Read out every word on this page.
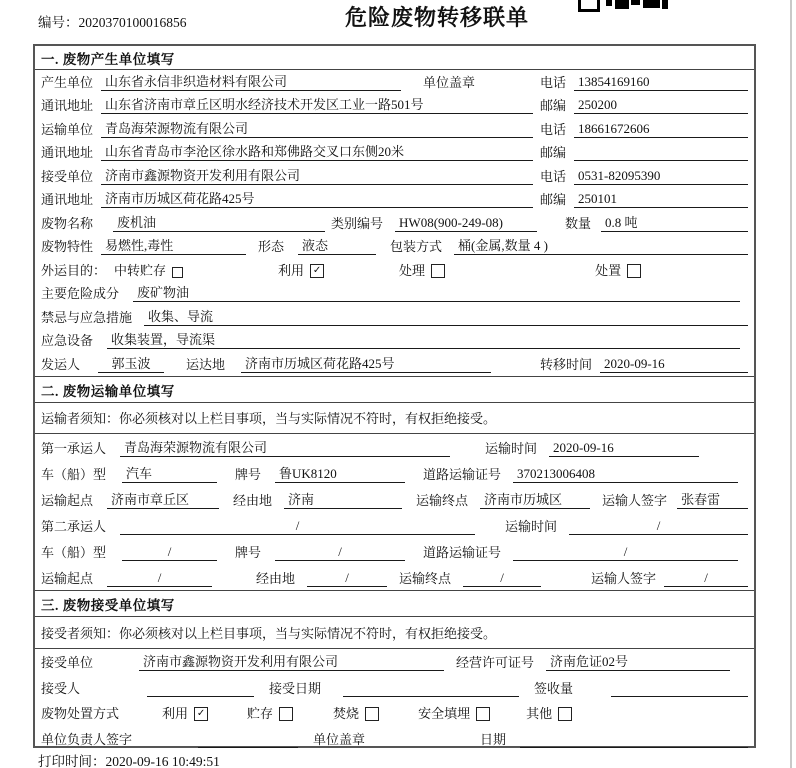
编号：2020370100016856	危险废物转移联单
一. 废物产生单位填写
产生单位 山东省永信非织造材料有限公司	单位盖章	电话 13854169160
通讯地址 山东省济南市章丘区明水经济技术开发区工业一路501号	邮编 250200
运输单位 青岛海荣源物流有限公司	电话 18661672606
通讯地址 山东省青岛市李沧区徐水路和郑佛路交叉口东侧20米	邮编
接受单位 济南市鑫源物资开发利用有限公司	电话 0531-82095390
通讯地址 济南市历城区荷花路425号	邮编 250101
废物名称	废机油	类别编号	HW08(900-249-08)	数量	0.8 吨
废物特性 易燃性,毒性	形态	液态	包装方式	桶(金属,数量 4 )
外运目的： 中转贮存	利用 ✓	处理	处置
主要危险成分	废矿物油
禁忌与应急措施	收集、导流
应急设备	收集装置，导流渠
发运人	郭玉波	运达地	济南市历城区荷花路425号	转移时间 2020-09-16
二. 废物运输单位填写
运输者须知：你必须核对以上栏目事项，当与实际情况不符时，有权拒绝接受。
第一承运人	青岛海荣源物流有限公司	运输时间	2020-09-16
车（船）型	汽车	牌号	鲁UK8120	道路运输证号	370213006408
运输起点	济南市章丘区	经由地	济南	运输终点	济南市历城区	运输人签字	张春雷
第二承运人	/	运输时间	/
车（船）型	/	牌号	/	道路运输证号	/
运输起点	/	经由地	/	运输终点	/	运输人签字	/
三. 废物接受单位填写
接受者须知：你必须核对以上栏目事项，当与实际情况不符时，有权拒绝接受。
接受单位	济南市鑫源物资开发利用有限公司	经营许可证号	济南危证02号
接受人	接受日期	签收量
废物处置方式	利用 ✓	贮存	焚烧	安全填埋	其他
单位负责人签字	单位盖章	日期
打印时间：2020-09-16 10:49:51
